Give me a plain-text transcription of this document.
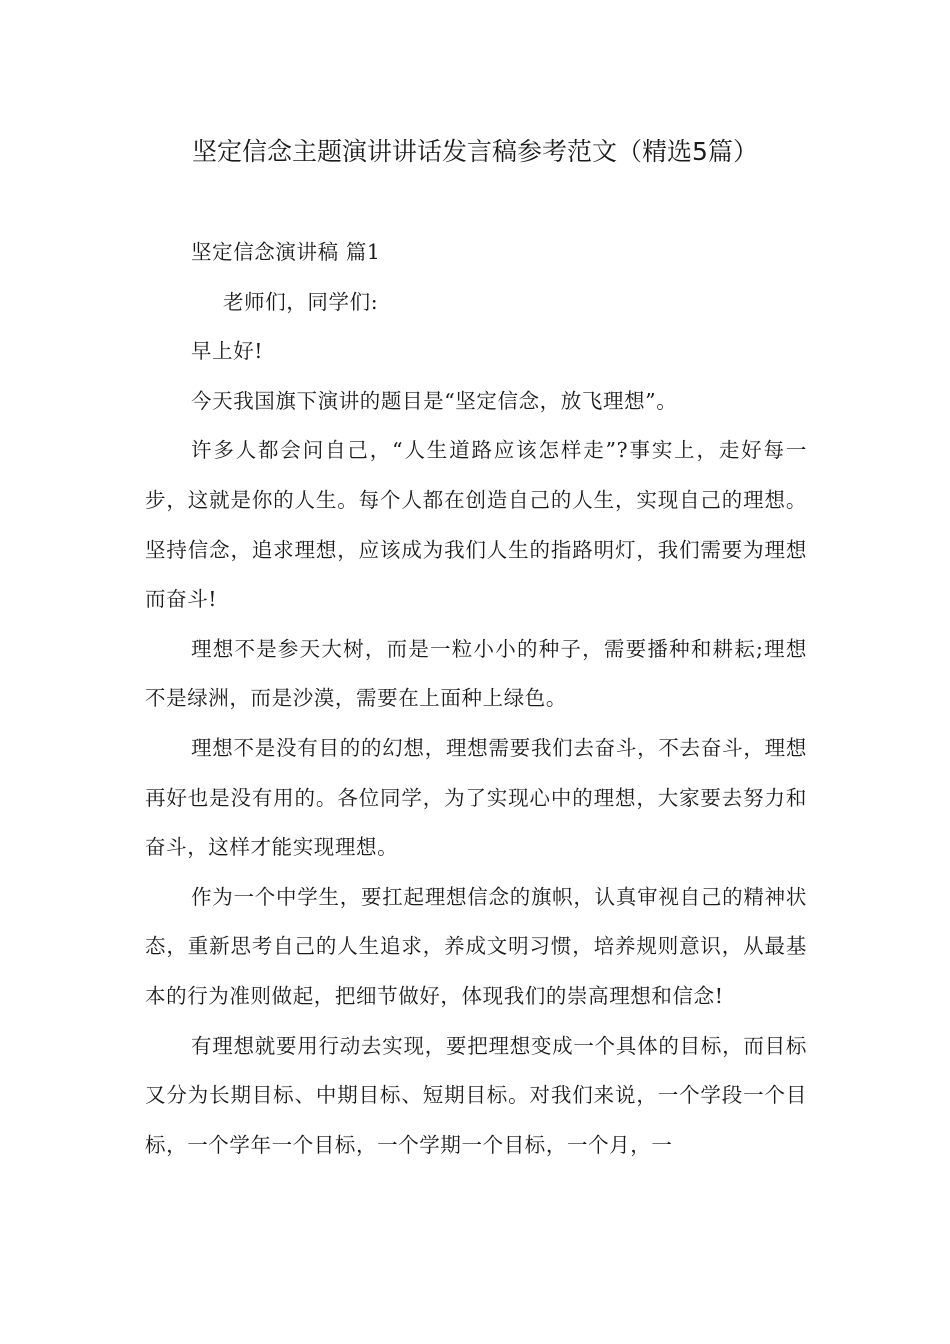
坚定信念主题演讲讲话发言稿参考范文（精选5篇）

坚定信念演讲稿 篇1

老师们，同学们:

早上好!

今天我国旗下演讲的题目是“坚定信念，放飞理想”。

许多人都会问自己，“人生道路应该怎样走”?事实上，走好每一步，这就是你的人生。每个人都在创造自己的人生，实现自己的理想。坚持信念，追求理想，应该成为我们人生的指路明灯，我们需要为理想而奋斗!

理想不是参天大树，而是一粒小小的种子，需要播种和耕耘;理想不是绿洲，而是沙漠，需要在上面种上绿色。

理想不是没有目的的幻想，理想需要我们去奋斗，不去奋斗，理想再好也是没有用的。各位同学，为了实现心中的理想，大家要去努力和奋斗，这样才能实现理想。

作为一个中学生，要扛起理想信念的旗帜，认真审视自己的精神状态，重新思考自己的人生追求，养成文明习惯，培养规则意识，从最基本的行为准则做起，把细节做好，体现我们的崇高理想和信念!

有理想就要用行动去实现，要把理想变成一个具体的目标，而目标又分为长期目标、中期目标、短期目标。对我们来说，一个学段一个目标，一个学年一个目标，一个学期一个目标，一个月，一
